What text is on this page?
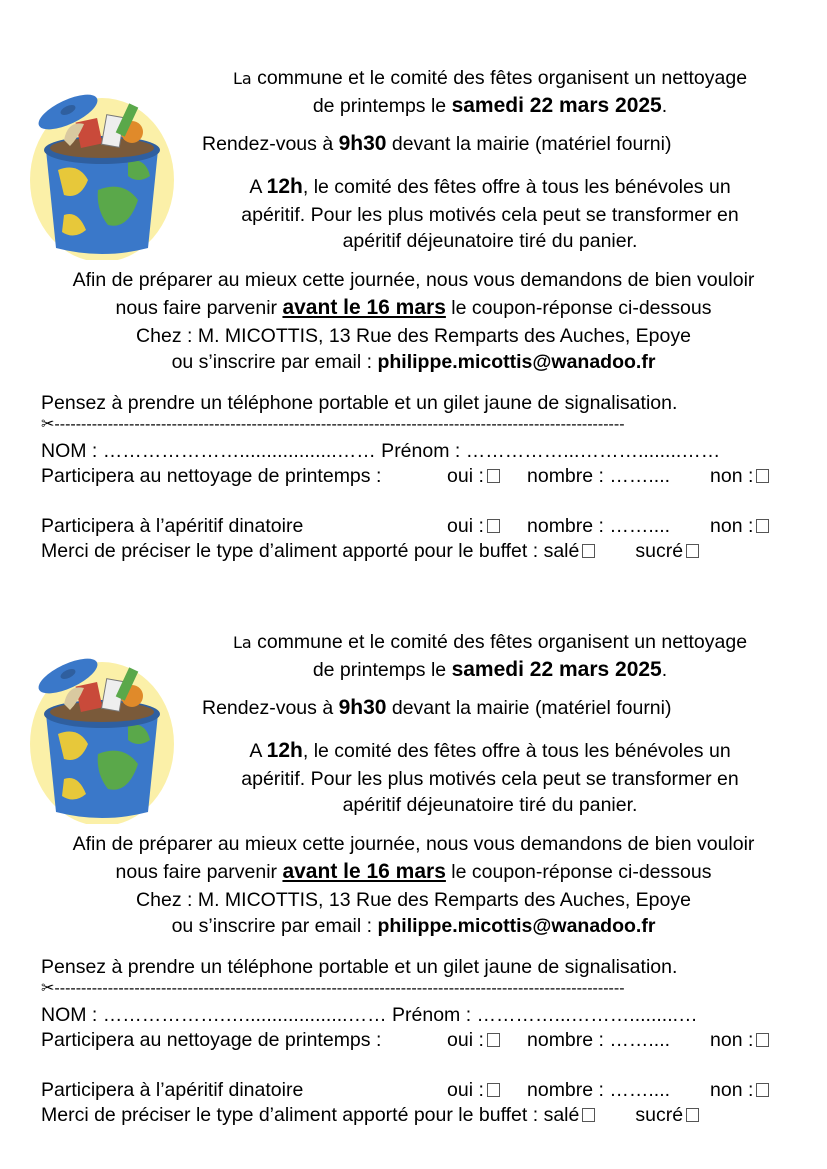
La commune et le comité des fêtes organisent un nettoyage
de printemps le samedi 22 mars 2025.
Rendez-vous à 9h30 devant la mairie (matériel fourni)
A 12h, le comité des fêtes offre à tous les bénévoles un
apéritif. Pour les plus motivés cela peut se transformer en
apéritif déjeunatoire tiré du panier.
Afin de préparer au mieux cette journée, nous vous demandons de bien vouloir
nous faire parvenir avant le 16 mars le coupon-réponse ci-dessous
Chez : M. MICOTTIS, 13 Rue des Remparts des Auches, Epoye
ou s’inscrire par email : philippe.micottis@wanadoo.fr
Pensez à prendre un téléphone portable et un gilet jaune de signalisation.
✂-----------------------------------------------------------------------------------------------------------
NOM : …………………..................…… Prénom : ……………...………........……
Participera au nettoyage de printemps :	oui :	nombre : …….... non :
Participera à l’apéritif dinatoire	oui :	nombre : …….... non :
Merci de préciser le type d’aliment apporté pour le buffet : salé	sucré
La commune et le comité des fêtes organisent un nettoyage
de printemps le samedi 22 mars 2025.
Rendez-vous à 9h30 devant la mairie (matériel fourni)
A 12h, le comité des fêtes offre à tous les bénévoles un
apéritif. Pour les plus motivés cela peut se transformer en
apéritif déjeunatoire tiré du panier.
Afin de préparer au mieux cette journée, nous vous demandons de bien vouloir
nous faire parvenir avant le 16 mars le coupon-réponse ci-dessous
Chez : M. MICOTTIS, 13 Rue des Remparts des Auches, Epoye
ou s’inscrire par email : philippe.micottis@wanadoo.fr
Pensez à prendre un téléphone portable et un gilet jaune de signalisation.
✂-----------------------------------------------------------------------------------------------------------
NOM : ……………….…...................…… Prénom : …………...……….........…
Participera au nettoyage de printemps :	oui :	nombre : …….... non :
Participera à l’apéritif dinatoire	oui :	nombre : …….... non :
Merci de préciser le type d’aliment apporté pour le buffet : salé	sucré
